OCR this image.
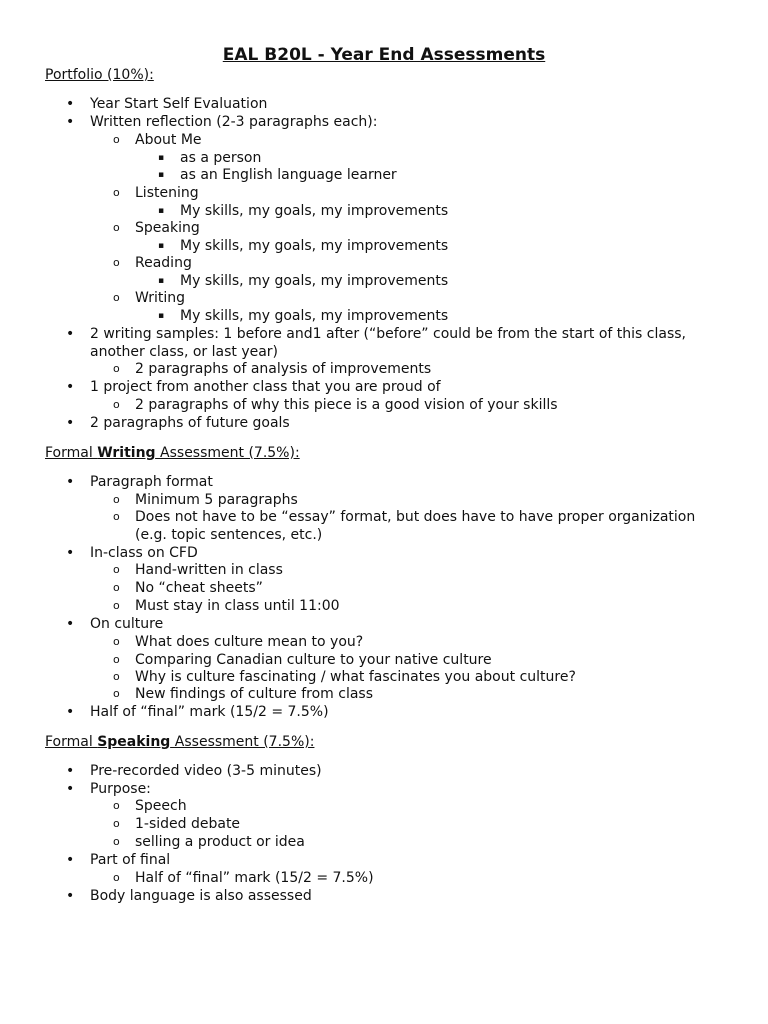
EAL B20L - Year End Assessments
Portfolio (10%):
• Year Start Self Evaluation
• Written reflection (2-3 paragraphs each):
o About Me
▪ as a person
▪ as an English language learner
o Listening
▪ My skills, my goals, my improvements
o Speaking
▪ My skills, my goals, my improvements
o Reading
▪ My skills, my goals, my improvements
o Writing
▪ My skills, my goals, my improvements
• 2 writing samples: 1 before and1 after (“before” could be from the start of this class,
another class, or last year)
o 2 paragraphs of analysis of improvements
• 1 project from another class that you are proud of
o 2 paragraphs of why this piece is a good vision of your skills
• 2 paragraphs of future goals
Formal Writing Assessment (7.5%):
• Paragraph format
o Minimum 5 paragraphs
o Does not have to be “essay” format, but does have to have proper organization
(e.g. topic sentences, etc.)
• In-class on CFD
o Hand-written in class
o No “cheat sheets”
o Must stay in class until 11:00
• On culture
o What does culture mean to you?
o Comparing Canadian culture to your native culture
o Why is culture fascinating / what fascinates you about culture?
o New findings of culture from class
• Half of “final” mark (15/2 = 7.5%)
Formal Speaking Assessment (7.5%):
• Pre-recorded video (3-5 minutes)
• Purpose:
o Speech
o 1-sided debate
o selling a product or idea
• Part of final
o Half of “final” mark (15/2 = 7.5%)
• Body language is also assessed
